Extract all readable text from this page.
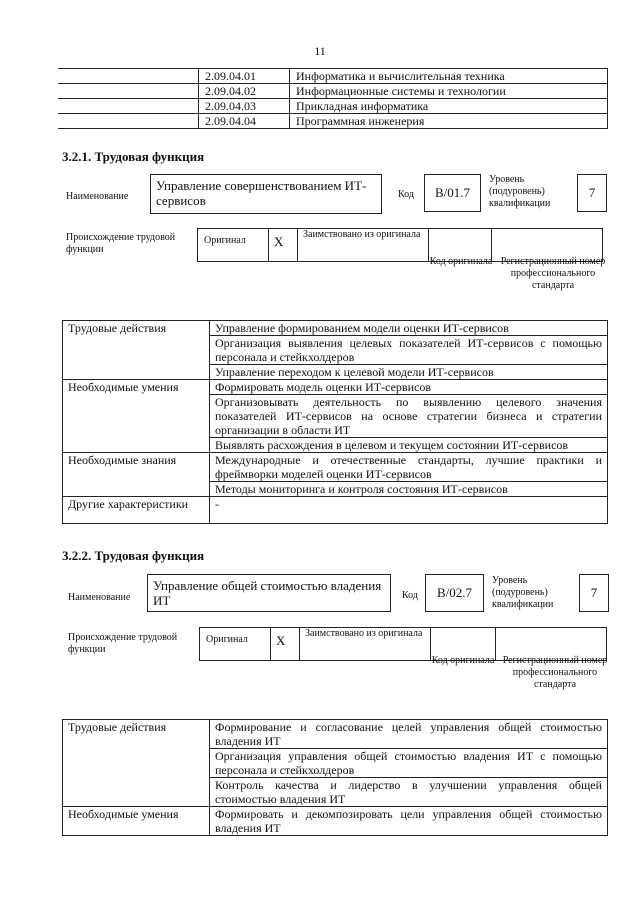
11
	2.09.04.01	Информатика и вычислительная техника
	2.09.04.02	Информационные системы и технологии
	2.09.04.03	Прикладная информатика
	2.09.04.04	Программная инженерия
3.2.1. Трудовая функция
Наименование
Управление совершенствованием ИТ-сервисов	Код	B/01.7
Уровень (подуровень) квалификации
7
Происхождение трудовой функции
Оригинал	X	Заимствовано из оригинала		
Код оригинала Регистрационный номер профессионального стандарта
Трудовые действия	Управление формированием модели оценки ИТ-сервисов
	Организация выявления целевых показателей ИТ-сервисов с помощью персонала и стейкхолдеров
	Управление переходом к целевой модели ИТ-сервисов
Необходимые умения	Формировать модель оценки ИТ-сервисов
	Организовывать деятельность по выявлению целевого значения показателей ИТ-сервисов на основе стратегии бизнеса и стратегии организации в области ИТ
	Выявлять расхождения в целевом и текущем состоянии ИТ-сервисов
Необходимые знания	Международные и отечественные стандарты, лучшие практики и фреймворки моделей оценки ИТ-сервисов
	Методы мониторинга и контроля состояния ИТ-сервисов
Другие характеристики	-
3.2.2. Трудовая функция
Наименование
Управление общей стоимостью владения ИТ	Код	B/02.7
Уровень (подуровень) квалификации
7
Происхождение трудовой функции
Оригинал	X	Заимствовано из оригинала		
Код оригинала Регистрационный номер профессионального стандарта
Трудовые действия	Формирование и согласование целей управления общей стоимостью владения ИТ
	Организация управления общей стоимостью владения ИТ с помощью персонала и стейкхолдеров
	Контроль качества и лидерство в улучшении управления общей стоимостью владения ИТ
Необходимые умения	Формировать и декомпозировать цели управления общей стоимостью владения ИТ
